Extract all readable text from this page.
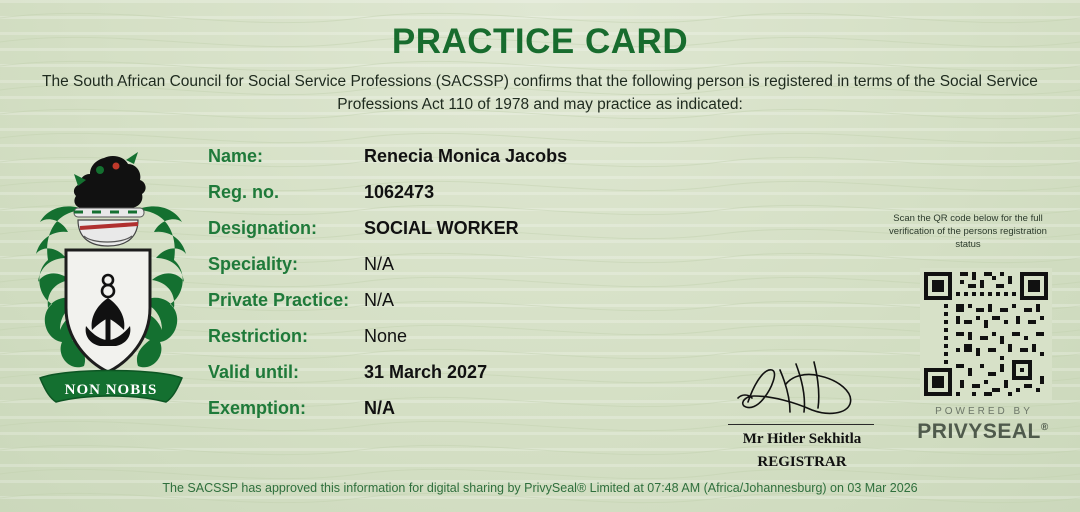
PRACTICE CARD
The South African Council for Social Service Professions (SACSSP) confirms that the following person is registered in terms of the Social Service Professions Act 110 of 1978 and may practice as indicated:
NON NOBIS
Name:	Renecia Monica Jacobs
Reg. no.	1062473
Designation:	SOCIAL WORKER
Speciality:	N/A
Private Practice: N/A
Restriction:	None
Valid until:	31 March 2027
Exemption:	N/A
Scan the QR code below for the full verification of the persons registration status
POWERED BY
PRIVYSEAL®
Mr Hitler Sekhitla
REGISTRAR
The SACSSP has approved this information for digital sharing by PrivySeal® Limited at 07:48 AM (Africa/Johannesburg) on 03 Mar 2026
